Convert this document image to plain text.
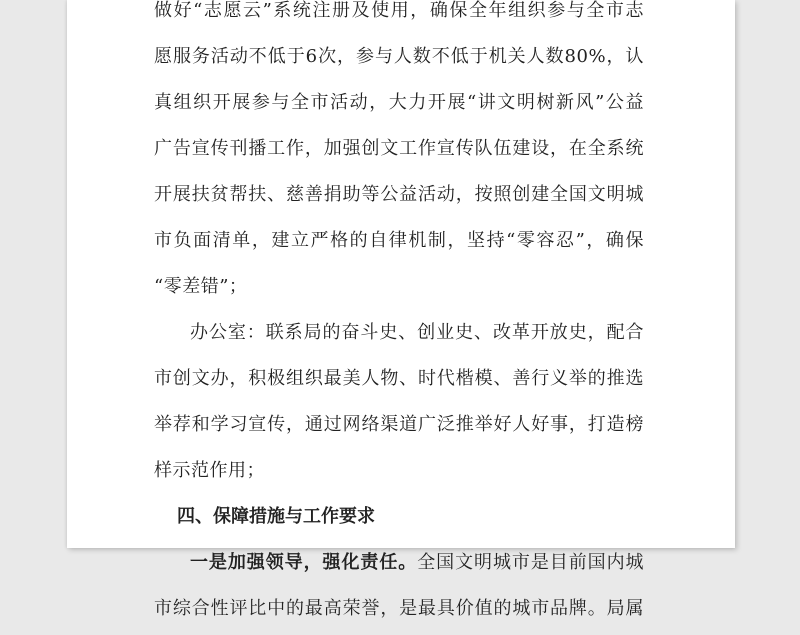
做好“志愿云”系统注册及使用，确保全年组织参与全市志
愿服务活动不低于6次，参与人数不低于机关人数80%，认
真组织开展参与全市活动，大力开展“讲文明树新风”公益
广告宣传刊播工作，加强创文工作宣传队伍建设，在全系统
开展扶贫帮扶、慈善捐助等公益活动，按照创建全国文明城
市负面清单，建立严格的自律机制，坚持“零容忍”，确保
“零差错”；
办公室：联系局的奋斗史、创业史、改革开放史，配合
市创文办，积极组织最美人物、时代楷模、善行义举的推选
举荐和学习宣传，通过网络渠道广泛推举好人好事，打造榜
样示范作用；
四、保障措施与工作要求
一是加强领导，强化责任。全国文明城市是目前国内城
市综合性评比中的最高荣誉，是最具价值的城市品牌。局属
